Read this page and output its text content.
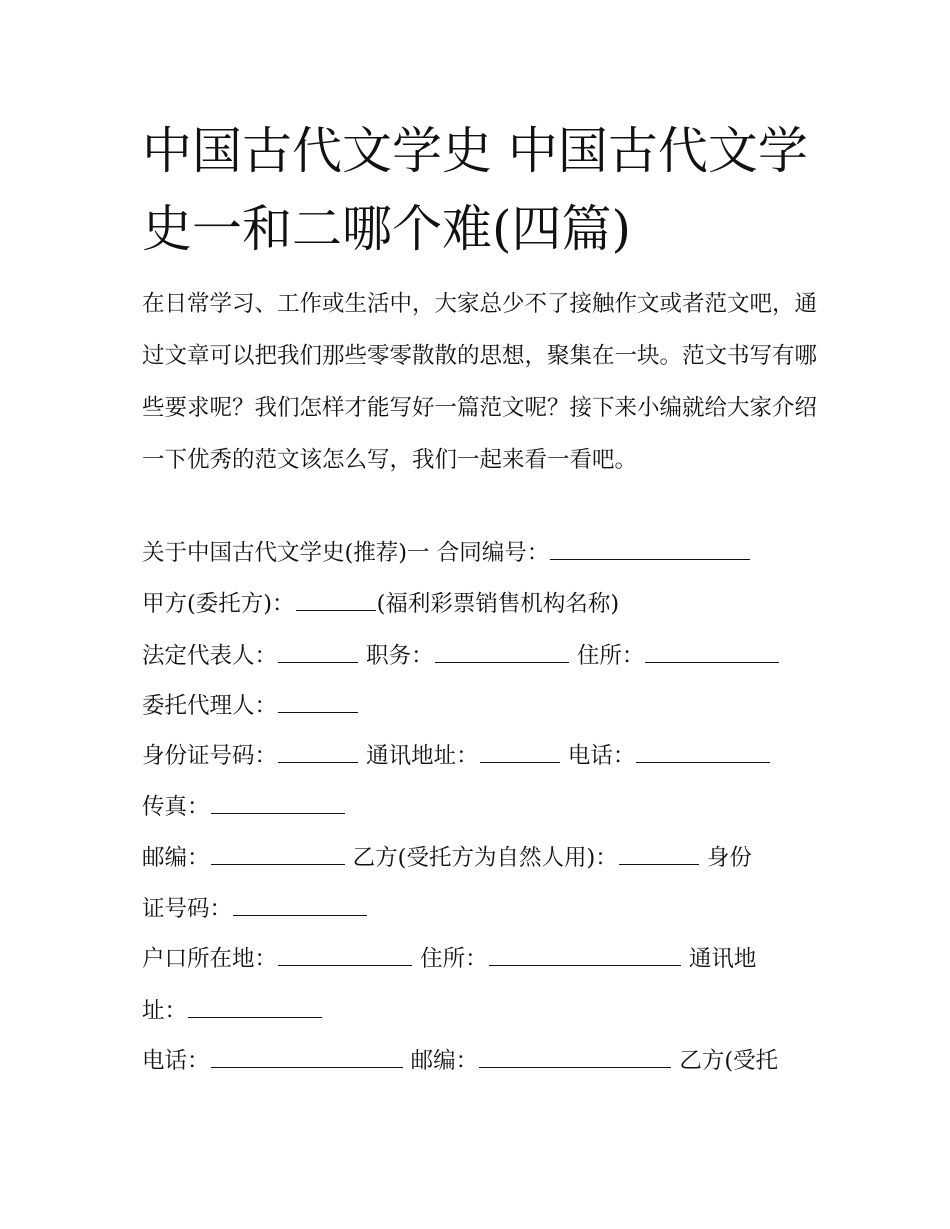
中国古代文学史 中国古代文学史一和二哪个难(四篇)

在日常学习、工作或生活中，大家总少不了接触作文或者范文吧，通过文章可以把我们那些零零散散的思想，聚集在一块。范文书写有哪些要求呢？我们怎样才能写好一篇范文呢？接下来小编就给大家介绍一下优秀的范文该怎么写，我们一起来看一看吧。

关于中国古代文学史(推荐)一 合同编号：
甲方(委托方)：	(福利彩票销售机构名称)
法定代表人：	职务：	住所：
委托代理人：
身份证号码：	通讯地址：	电话：
传真：
邮编：	乙方(受托方为自然人用)：	身份
证号码：
户口所在地：	住所：	通讯地
址：
电话：	邮编：	乙方(受托
